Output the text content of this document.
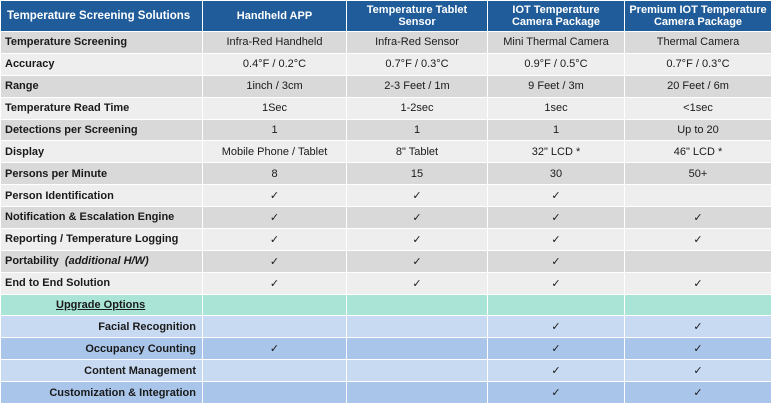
Temperature Screening Solutions	Handheld APP	Temperature Tablet Sensor	IOT Temperature Camera Package	Premium IOT Temperature Camera Package
Temperature Screening	Infra-Red Handheld	Infra-Red Sensor	Mini Thermal Camera	Thermal Camera
Accuracy	0.4°F / 0.2°C	0.7°F / 0.3°C	0.9°F / 0.5°C	0.7°F / 0.3°C
Range	1inch / 3cm	2-3 Feet / 1m	9 Feet / 3m	20 Feet / 6m
Temperature Read Time	1Sec	1-2sec	1sec	<1sec
Detections per Screening	1	1	1	Up to 20
Display	Mobile Phone / Tablet	8" Tablet	32" LCD *	46" LCD *
Persons per Minute	8	15	30	50+
Person Identification	✓	✓	✓	
Notification & Escalation Engine	✓	✓	✓	✓
Reporting / Temperature Logging	✓	✓	✓	✓
Portability (additional H/W)	✓	✓	✓	
End to End Solution	✓	✓	✓	✓
Upgrade Options				
Facial Recognition			✓	✓
Occupancy Counting	✓		✓	✓
Content Management			✓	✓
Customization & Integration			✓	✓
